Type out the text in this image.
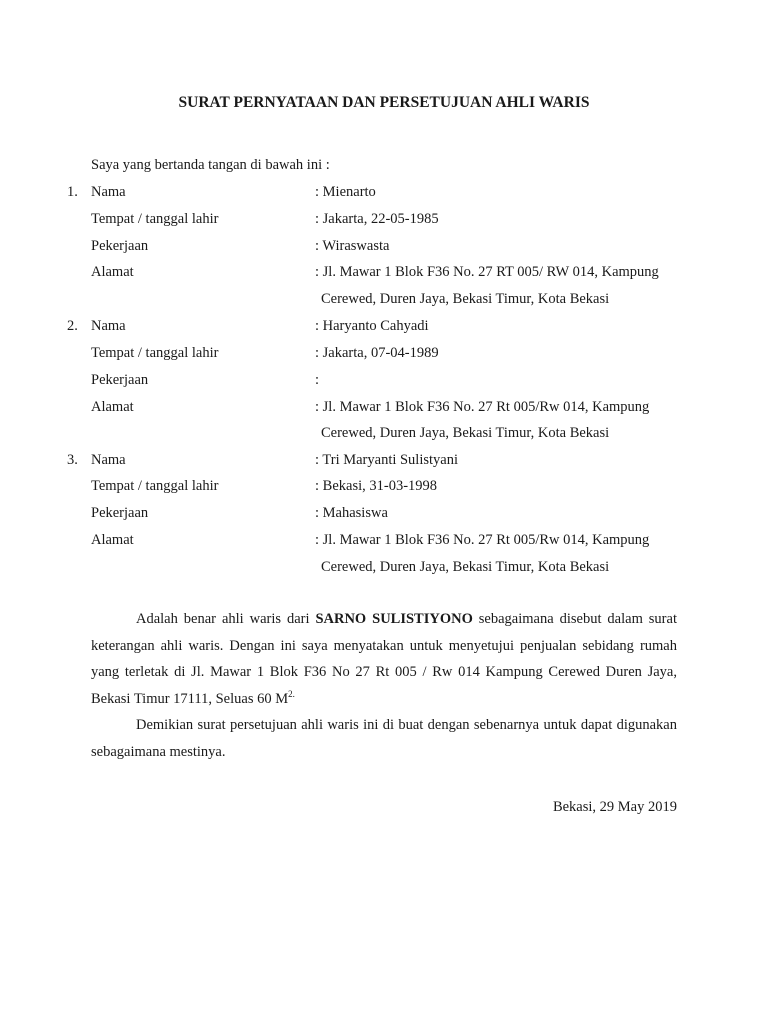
SURAT PERNYATAAN DAN PERSETUJUAN AHLI WARIS
Saya yang bertanda tangan di bawah ini :
1. Nama	: Mienarto
Tempat / tanggal lahir	: Jakarta, 22-05-1985
Pekerjaan	: Wiraswasta
Alamat	: Jl. Mawar 1 Blok F36 No. 27 RT 005/ RW 014, Kampung
Cerewed, Duren Jaya, Bekasi Timur, Kota Bekasi
2. Nama	: Haryanto Cahyadi
Tempat / tanggal lahir	: Jakarta, 07-04-1989
Pekerjaan	:
Alamat	: Jl. Mawar 1 Blok F36 No. 27 Rt 005/Rw 014, Kampung
Cerewed, Duren Jaya, Bekasi Timur, Kota Bekasi
3. Nama	: Tri Maryanti Sulistyani
Tempat / tanggal lahir	: Bekasi, 31-03-1998
Pekerjaan	: Mahasiswa
Alamat	: Jl. Mawar 1 Blok F36 No. 27 Rt 005/Rw 014, Kampung
Cerewed, Duren Jaya, Bekasi Timur, Kota Bekasi

Adalah benar ahli waris dari SARNO SULISTIYONO sebagaimana disebut dalam surat keterangan ahli waris. Dengan ini saya menyatakan untuk menyetujui penjualan sebidang rumah yang terletak di Jl. Mawar 1 Blok F36 No 27 Rt 005 / Rw 014 Kampung Cerewed Duren Jaya, Bekasi Timur 17111, Seluas 60 $M^{2.}$

Demikian surat persetujuan ahli waris ini di buat dengan sebenarnya untuk dapat digunakan sebagaimana mestinya.

Bekasi, 29 May 2019
